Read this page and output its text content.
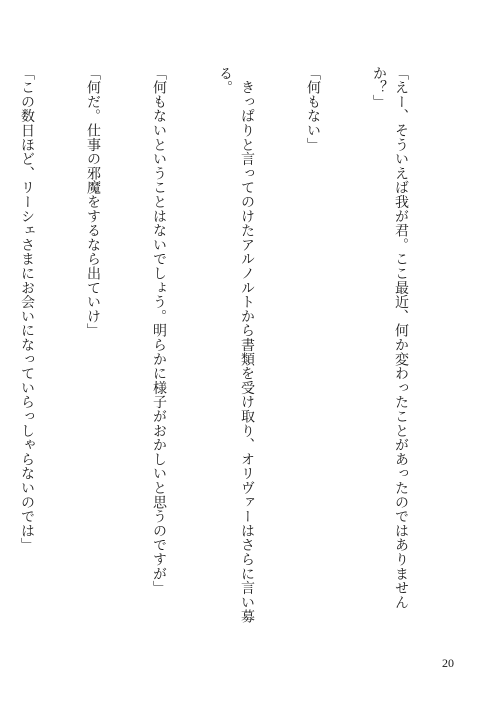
「えー、そういえば我が君。ここ最近、何か変わったことがあったのではありませんか？」

「何もない」

　きっぱりと言ってのけたアルノルトから書類を受け取り、オリヴァーはさらに言い募る。

「何もないということはないでしょう。明らかに様子がおかしいと思うのですが」

「何だ。仕事の邪魔をするなら出ていけ」

「この数日ほど、リーシェさまにお会いになっていらっしゃらないのでは」

20
